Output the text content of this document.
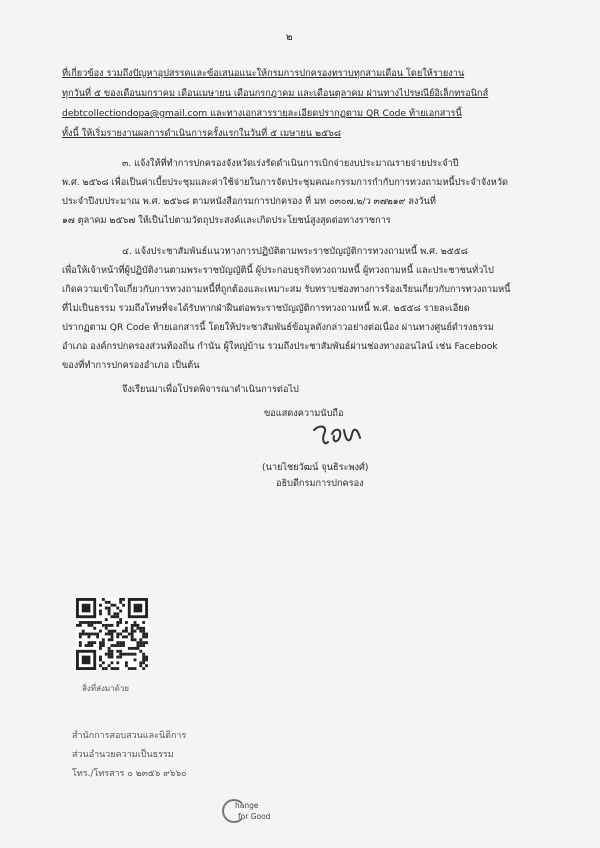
๒
ที่เกี่ยวข้อง รวมถึงปัญหาอุปสรรคและข้อเสนอแนะให้กรมการปกครองทราบทุกสามเดือน โดยให้รายงาน
ทุกวันที่ ๕ ของเดือนมกราคม เดือนเมษายน เดือนกรกฎาคม และเดือนตุลาคม ผ่านทางไปรษณีย์อิเล็กทรอนิกส์
debtcollectiondopa@gmail.com และทางเอกสารรายละเอียดปรากฏตาม QR Code ท้ายเอกสารนี้
ทั้งนี้ ให้เริ่มรายงานผลการดำเนินการครั้งแรกในวันที่ ๕ เมษายน ๒๕๖๘
๓. แจ้งให้ที่ทำการปกครองจังหวัดเร่งรัดดำเนินการเบิกจ่ายงบประมาณรายจ่ายประจำปี
พ.ศ. ๒๕๖๘ เพื่อเป็นค่าเบี้ยประชุมและค่าใช้จ่ายในการจัดประชุมคณะกรรมการกำกับการทวงถามหนี้ประจำจังหวัด
ประจำปีงบประมาณ พ.ศ. ๒๕๖๘ ตามหนังสือกรมการปกครอง ที่ มท ๐๓๐๗.๒/ว ๓๗๒๑๙ ลงวันที่
๑๗ ตุลาคม ๒๕๖๗ ให้เป็นไปตามวัตถุประสงค์และเกิดประโยชน์สูงสุดต่อทางราชการ
๔. แจ้งประชาสัมพันธ์แนวทางการปฏิบัติตามพระราชบัญญัติการทวงถามหนี้ พ.ศ. ๒๕๕๘
เพื่อให้เจ้าหน้าที่ผู้ปฏิบัติงานตามพระราชบัญญัตินี้ ผู้ประกอบธุรกิจทวงถามหนี้ ผู้ทวงถามหนี้ และประชาชนทั่วไป
เกิดความเข้าใจเกี่ยวกับการทวงถามหนี้ที่ถูกต้องและเหมาะสม รับทราบช่องทางการร้องเรียนเกี่ยวกับการทวงถามหนี้
ที่ไม่เป็นธรรม รวมถึงโทษที่จะได้รับหากฝ่าฝืนต่อพระราชบัญญัติการทวงถามหนี้ พ.ศ. ๒๕๕๘ รายละเอียด
ปรากฏตาม QR Code ท้ายเอกสารนี้ โดยให้ประชาสัมพันธ์ข้อมูลดังกล่าวอย่างต่อเนื่อง ผ่านทางศูนย์ดำรงธรรม
อำเภอ องค์กรปกครองส่วนท้องถิ่น กำนัน ผู้ใหญ่บ้าน รวมถึงประชาสัมพันธ์ผ่านช่องทางออนไลน์ เช่น Facebook
ของที่ทำการปกครองอำเภอ เป็นต้น
จึงเรียนมาเพื่อโปรดพิจารณาดำเนินการต่อไป
ขอแสดงความนับถือ
(นายไชยวัฒน์ จุนธิระพงศ์)
อธิบดีกรมการปกครอง
สิ่งที่ส่งมาด้วย
สำนักการสอบสวนและนิติการ
ส่วนอำนวยความเป็นธรรม
โทร./โทรสาร ๐ ๒๓๕๖ ๙๖๖๐
hange
for Good
